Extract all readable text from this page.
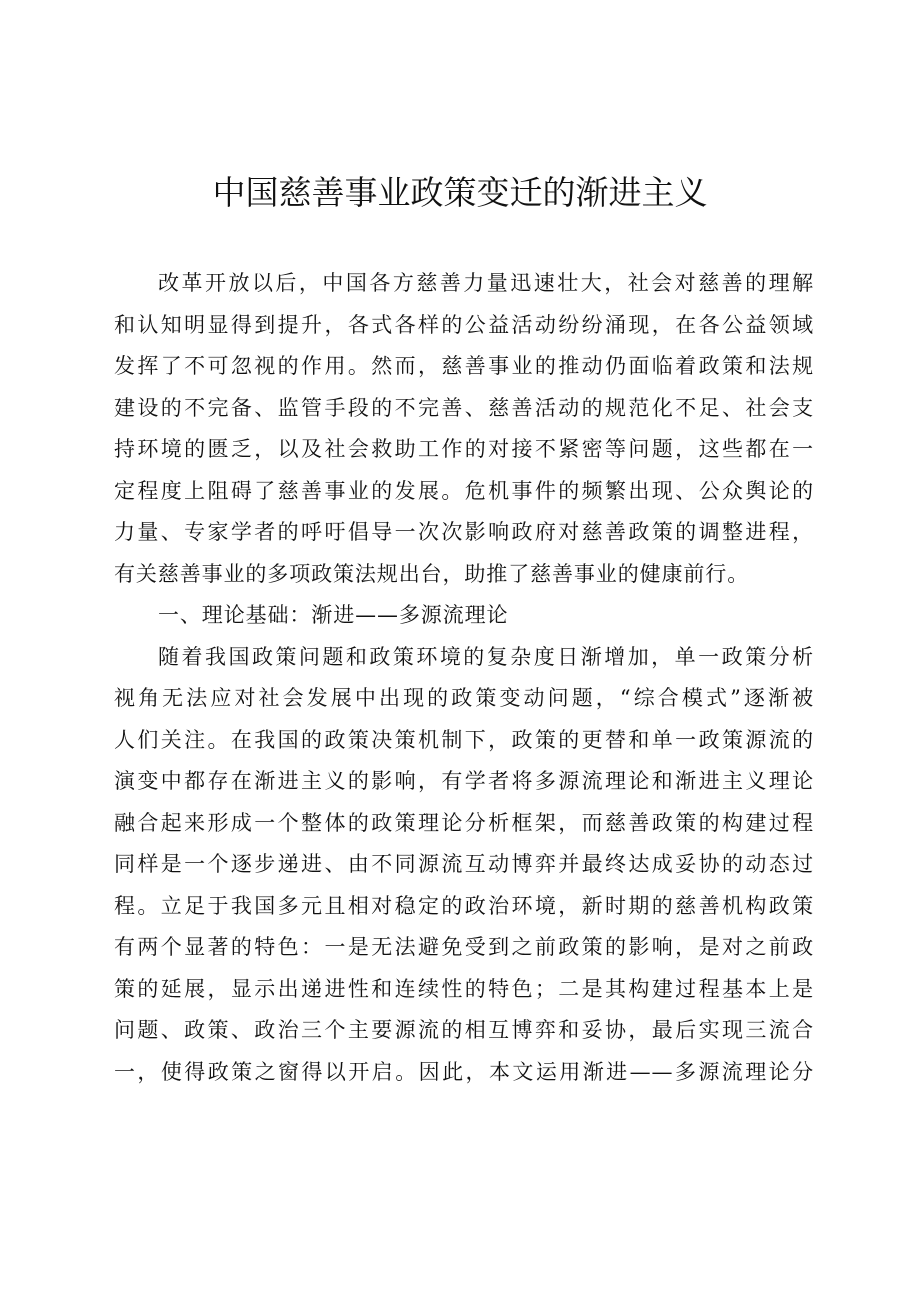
中国慈善事业政策变迁的渐进主义
改革开放以后，中国各方慈善力量迅速壮大，社会对慈善的理解
和认知明显得到提升，各式各样的公益活动纷纷涌现，在各公益领域
发挥了不可忽视的作用。然而，慈善事业的推动仍面临着政策和法规
建设的不完备、监管手段的不完善、慈善活动的规范化不足、社会支
持环境的匮乏，以及社会救助工作的对接不紧密等问题，这些都在一
定程度上阻碍了慈善事业的发展。危机事件的频繁出现、公众舆论的
力量、专家学者的呼吁倡导一次次影响政府对慈善政策的调整进程，
有关慈善事业的多项政策法规出台，助推了慈善事业的健康前行。
一、理论基础：渐进——多源流理论
随着我国政策问题和政策环境的复杂度日渐增加，单一政策分析
视角无法应对社会发展中出现的政策变动问题，“综合模式”逐渐被
人们关注。在我国的政策决策机制下，政策的更替和单一政策源流的
演变中都存在渐进主义的影响，有学者将多源流理论和渐进主义理论
融合起来形成一个整体的政策理论分析框架，而慈善政策的构建过程
同样是一个逐步递进、由不同源流互动博弈并最终达成妥协的动态过
程。立足于我国多元且相对稳定的政治环境，新时期的慈善机构政策
有两个显著的特色：一是无法避免受到之前政策的影响，是对之前政
策的延展，显示出递进性和连续性的特色；二是其构建过程基本上是
问题、政策、政治三个主要源流的相互博弈和妥协，最后实现三流合
一，使得政策之窗得以开启。因此，本文运用渐进——多源流理论分
